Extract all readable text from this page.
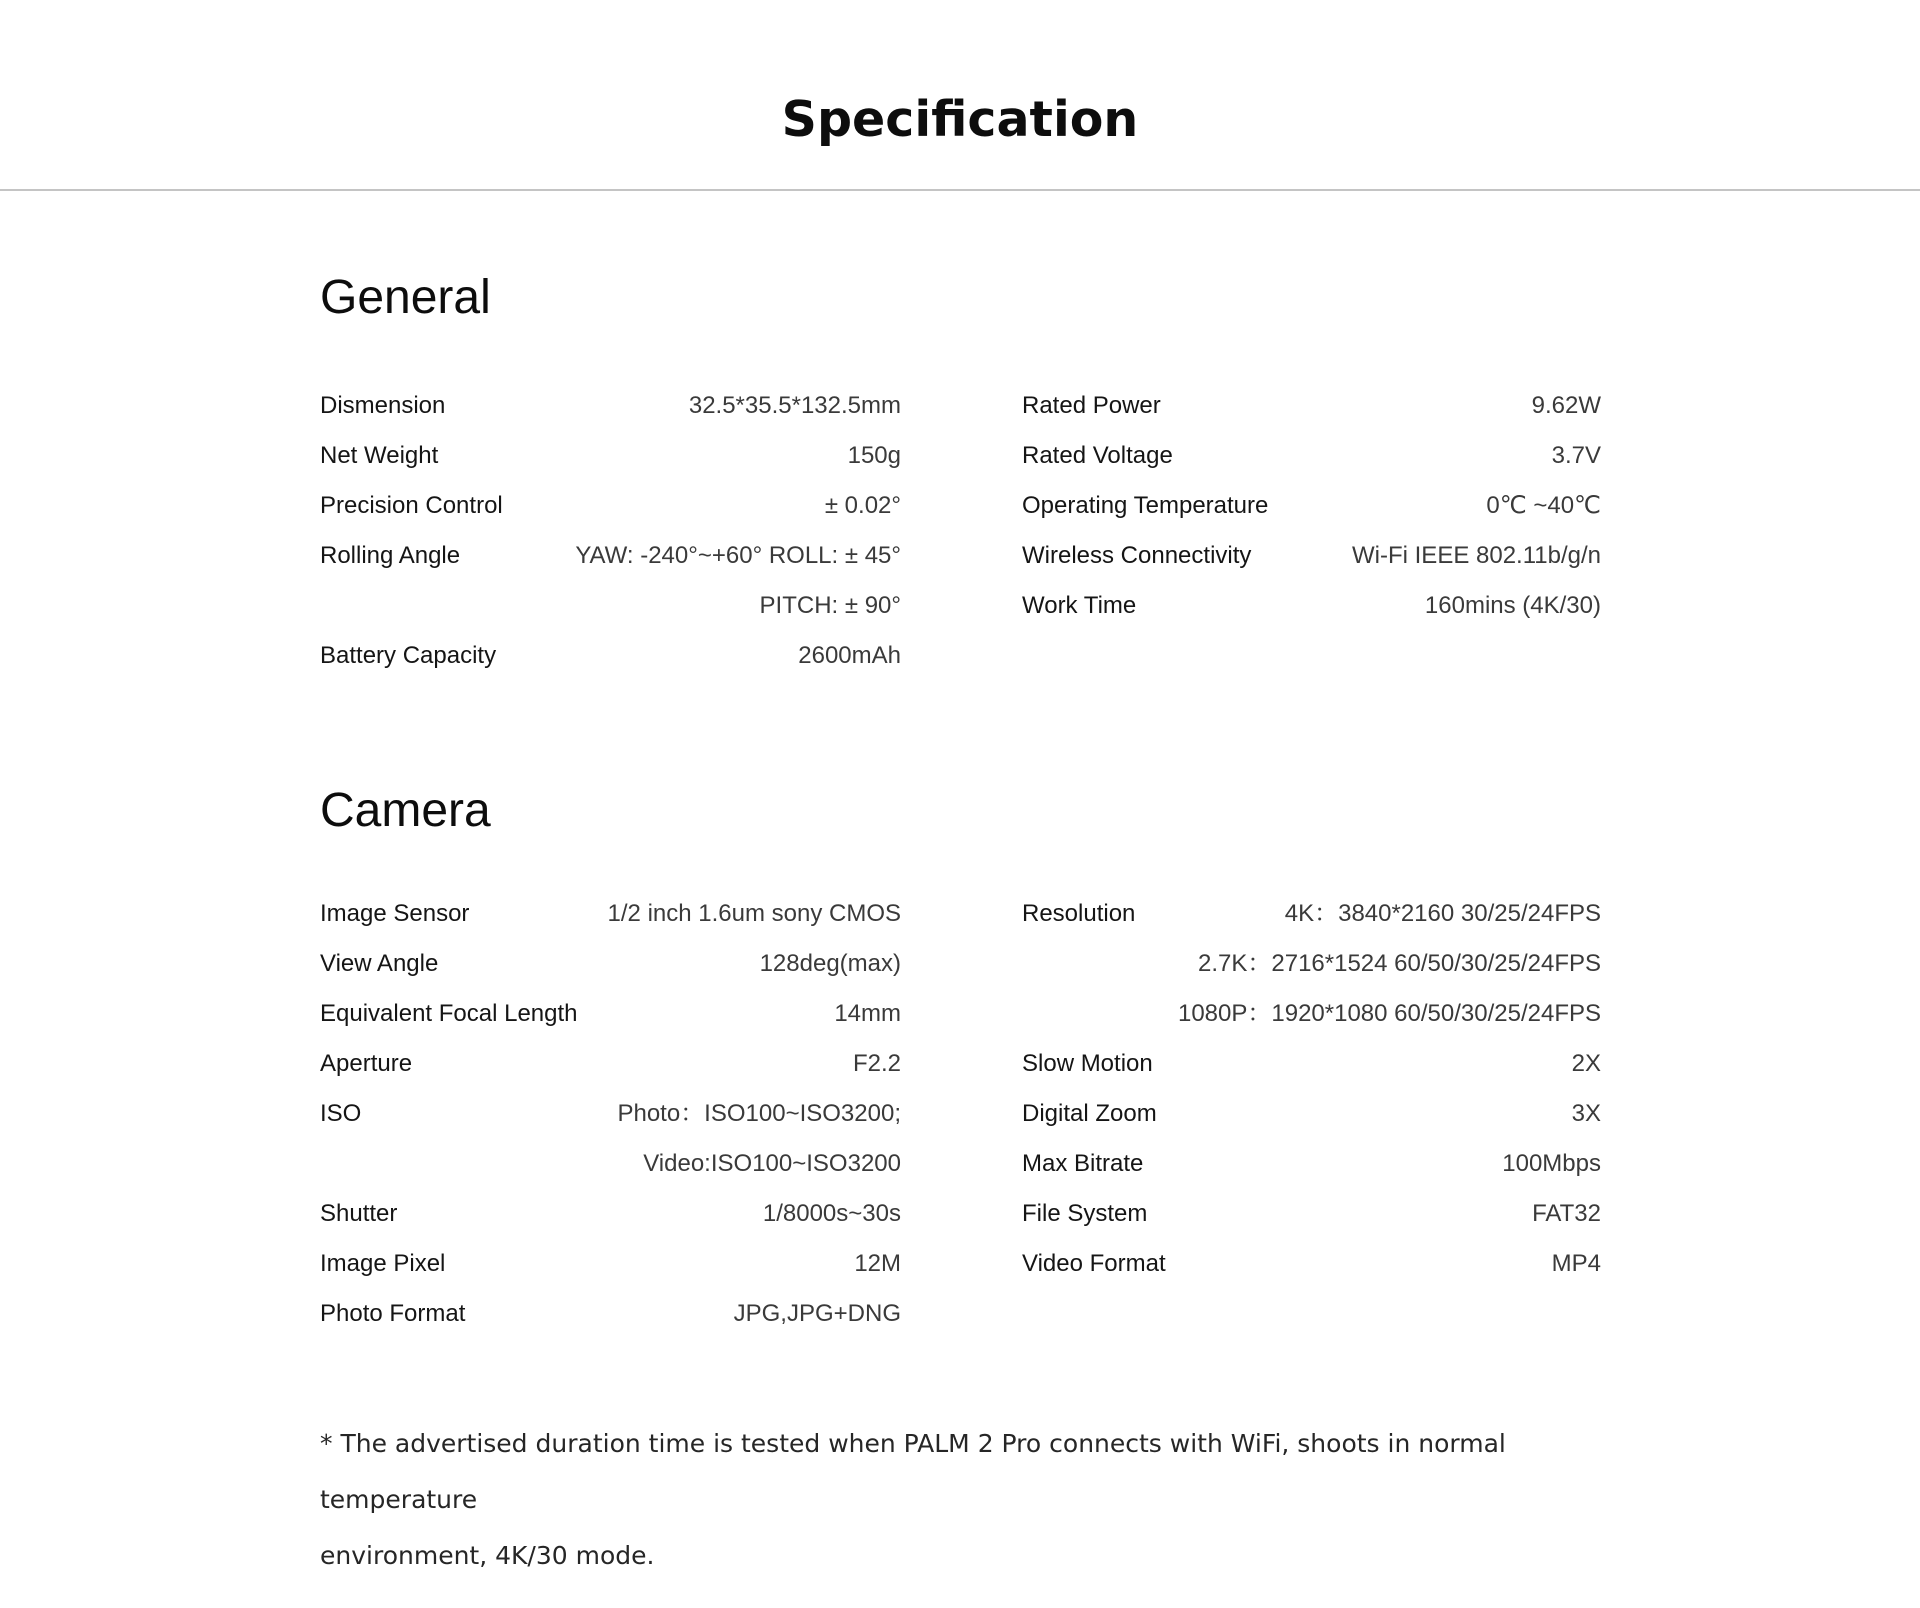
Specification
General
Dismension	32.5*35.5*132.5mm
Net Weight	150g
Precision Control	± 0.02°
Rolling Angle	YAW: -240°~+60° ROLL: ± 45°
PITCH: ± 90°
Battery Capacity	2600mAh
Rated Power	9.62W
Rated Voltage	3.7V
Operating Temperature	0℃ ~40℃
Wireless Connectivity	Wi-Fi IEEE 802.11b/g/n
Work Time	160mins (4K/30)
Camera
Image Sensor	1/2 inch 1.6um sony CMOS
View Angle	128deg(max)
Equivalent Focal Length	14mm
Aperture	F2.2
ISO	Photo：ISO100~ISO3200;
Video:ISO100~ISO3200
Shutter	1/8000s~30s
Image Pixel	12M
Photo Format	JPG,JPG+DNG
Resolution	4K：3840*2160 30/25/24FPS
2.7K：2716*1524 60/50/30/25/24FPS
1080P：1920*1080 60/50/30/25/24FPS
Slow Motion	2X
Digital Zoom	3X
Max Bitrate	100Mbps
File System	FAT32
Video Format	MP4

* The advertised duration time is tested when PALM 2 Pro connects with WiFi, shoots in normal temperature
environment, 4K/30 mode.
